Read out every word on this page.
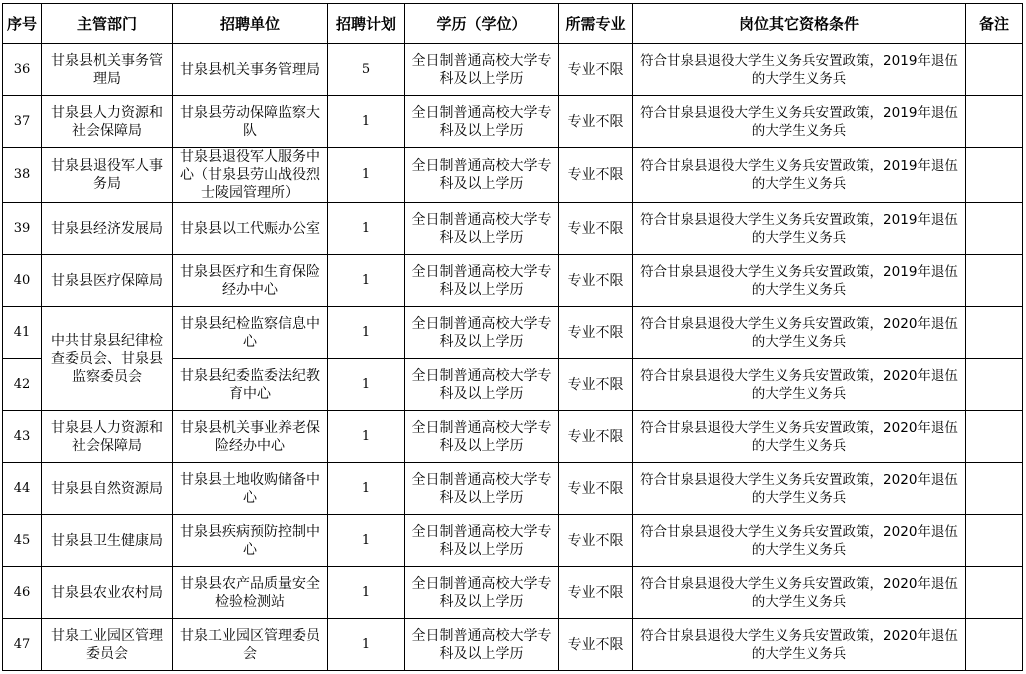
序号	主管部门	招聘单位	招聘计划	学历（学位）	所需专业	岗位其它资格条件	备注
36	甘泉县机关事务管理局	甘泉县机关事务管理局	5	全日制普通高校大学专科及以上学历	专业不限	符合甘泉县退役大学生义务兵安置政策，2019年退伍的大学生义务兵	
37	甘泉县人力资源和社会保障局	甘泉县劳动保障监察大队	1	全日制普通高校大学专科及以上学历	专业不限	符合甘泉县退役大学生义务兵安置政策，2019年退伍的大学生义务兵	
38	甘泉县退役军人事务局	甘泉县退役军人服务中心（甘泉县劳山战役烈士陵园管理所）	1	全日制普通高校大学专科及以上学历	专业不限	符合甘泉县退役大学生义务兵安置政策，2019年退伍的大学生义务兵	
39	甘泉县经济发展局	甘泉县以工代赈办公室	1	全日制普通高校大学专科及以上学历	专业不限	符合甘泉县退役大学生义务兵安置政策，2019年退伍的大学生义务兵	
40	甘泉县医疗保障局	甘泉县医疗和生育保险经办中心	1	全日制普通高校大学专科及以上学历	专业不限	符合甘泉县退役大学生义务兵安置政策，2019年退伍的大学生义务兵	
41	中共甘泉县纪律检查委员会、甘泉县监察委员会	甘泉县纪检监察信息中心	1	全日制普通高校大学专科及以上学历	专业不限	符合甘泉县退役大学生义务兵安置政策，2020年退伍的大学生义务兵	
42		甘泉县纪委监委法纪教育中心	1	全日制普通高校大学专科及以上学历	专业不限	符合甘泉县退役大学生义务兵安置政策，2020年退伍的大学生义务兵	
43	甘泉县人力资源和社会保障局	甘泉县机关事业养老保险经办中心	1	全日制普通高校大学专科及以上学历	专业不限	符合甘泉县退役大学生义务兵安置政策，2020年退伍的大学生义务兵	
44	甘泉县自然资源局	甘泉县土地收购储备中心	1	全日制普通高校大学专科及以上学历	专业不限	符合甘泉县退役大学生义务兵安置政策，2020年退伍的大学生义务兵	
45	甘泉县卫生健康局	甘泉县疾病预防控制中心	1	全日制普通高校大学专科及以上学历	专业不限	符合甘泉县退役大学生义务兵安置政策，2020年退伍的大学生义务兵	
46	甘泉县农业农村局	甘泉县农产品质量安全检验检测站	1	全日制普通高校大学专科及以上学历	专业不限	符合甘泉县退役大学生义务兵安置政策，2020年退伍的大学生义务兵	
47	甘泉工业园区管理委员会	甘泉工业园区管理委员会	1	全日制普通高校大学专科及以上学历	专业不限	符合甘泉县退役大学生义务兵安置政策，2020年退伍的大学生义务兵	
